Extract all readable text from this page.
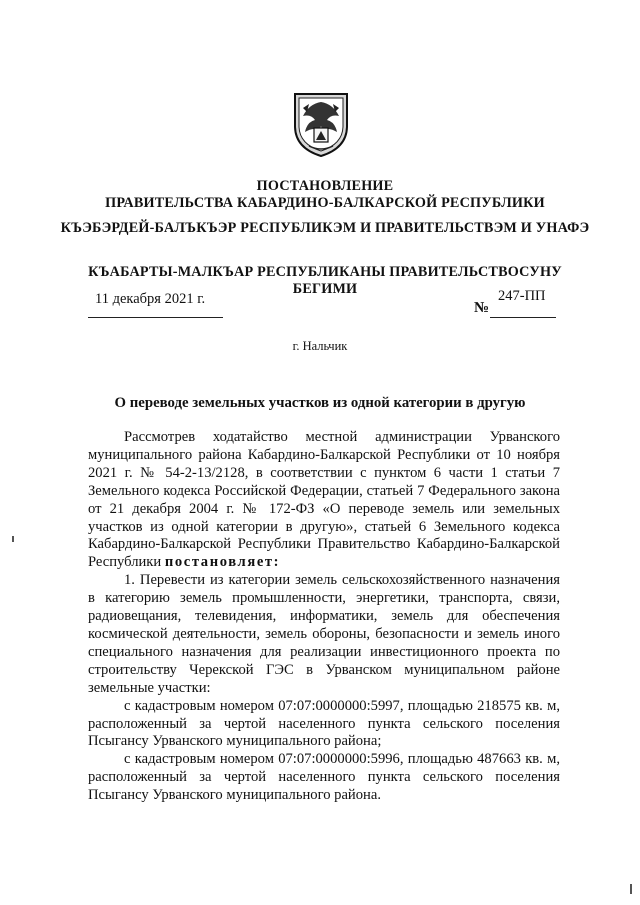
ПОСТАНОВЛЕНИЕ
ПРАВИТЕЛЬСТВА КАБАРДИНО-БАЛКАРСКОЙ РЕСПУБЛИКИ
КЪЭБЭРДЕЙ-БАЛЪКЪЭР РЕСПУБЛИКЭМ И ПРАВИТЕЛЬСТВЭМ И УНАФЭ
КЪАБАРТЫ-МАЛКЪАР РЕСПУБЛИКАНЫ ПРАВИТЕЛЬСТВОСУНУ БЕГИМИ
11 декабря 2021 г.
№
247-ПП
г. Нальчик
О переводе земельных участков из одной категории в другую

Рассмотрев ходатайство местной администрации Урванского муниципального района Кабардино-Балкарской Республики от 10 ноября 2021 г. № 54-2-13/2128, в соответствии с пунктом 6 части 1 статьи 7 Земельного кодекса Российской Федерации, статьей 7 Федерального закона от 21 декабря 2004 г. № 172-ФЗ «О переводе земель или земельных участков из одной категории в другую», статьей 6 Земельного кодекса Кабардино-Балкарской Республики Правительство Кабардино-Балкарской Республики постановляет:

1. Перевести из категории земель сельскохозяйственного назначения в категорию земель промышленности, энергетики, транспорта, связи, радиовещания, телевидения, информатики, земель для обеспечения космической деятельности, земель обороны, безопасности и земель иного специального назначения для реализации инвестиционного проекта по строительству Черекской ГЭС в Урванском муниципальном районе земельные участки:

с кадастровым номером 07:07:0000000:5997, площадью 218575 кв. м, расположенный за чертой населенного пункта сельского поселения Псыгансу Урванского муниципального района;

с кадастровым номером 07:07:0000000:5996, площадью 487663 кв. м, расположенный за чертой населенного пункта сельского поселения Псыгансу Урванского муниципального района.
